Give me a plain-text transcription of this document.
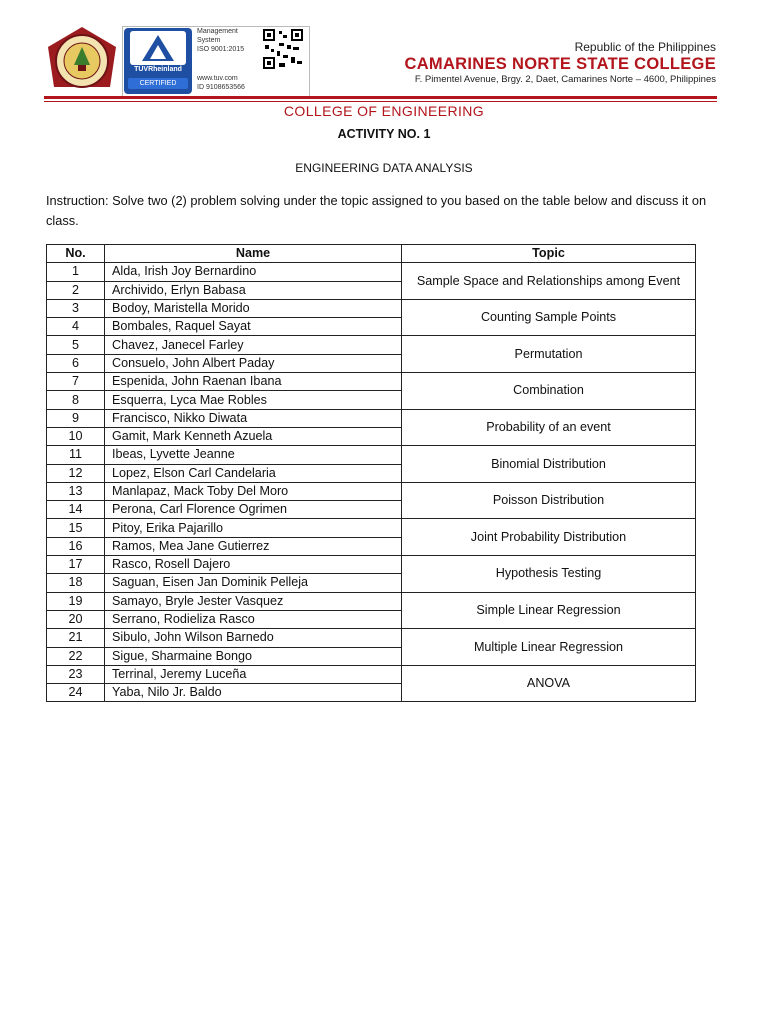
TÜVRheinland
CERTIFIED
Management
System
ISO 9001:2015
www.tuv.com
ID 9108653566
Republic of the Philippines
CAMARINES NORTE STATE COLLEGE
F. Pimentel Avenue, Brgy. 2, Daet, Camarines Norte – 4600, Philippines
COLLEGE OF ENGINEERING
ACTIVITY NO. 1
ENGINEERING DATA ANALYSIS
Instruction: Solve two (2) problem solving under the topic assigned to you based on the table below and discuss it on class.
No.	Name	Topic
1	Alda, Irish Joy Bernardino	Sample Space and Relationships among Event
2	Archivido, Erlyn Babasa	
3	Bodoy, Maristella Morido	Counting Sample Points
4	Bombales, Raquel Sayat	
5	Chavez, Janecel Farley	Permutation
6	Consuelo, John Albert Paday	
7	Espenida, John Raenan Ibana	Combination
8	Esquerra, Lyca Mae Robles	
9	Francisco, Nikko Diwata	Probability of an event
10	Gamit, Mark Kenneth Azuela	
11	Ibeas, Lyvette Jeanne	Binomial Distribution
12	Lopez, Elson Carl Candelaria	
13	Manlapaz, Mack Toby Del Moro	Poisson Distribution
14	Perona, Carl Florence Ogrimen	
15	Pitoy, Erika Pajarillo	Joint Probability Distribution
16	Ramos, Mea Jane Gutierrez	
17	Rasco, Rosell Dajero	Hypothesis Testing
18	Saguan, Eisen Jan Dominik Pelleja	
19	Samayo, Bryle Jester Vasquez	Simple Linear Regression
20	Serrano, Rodieliza Rasco	
21	Sibulo, John Wilson Barnedo	Multiple Linear Regression
22	Sigue, Sharmaine Bongo	
23	Terrinal, Jeremy Luceña	ANOVA
24	Yaba, Nilo Jr. Baldo	
